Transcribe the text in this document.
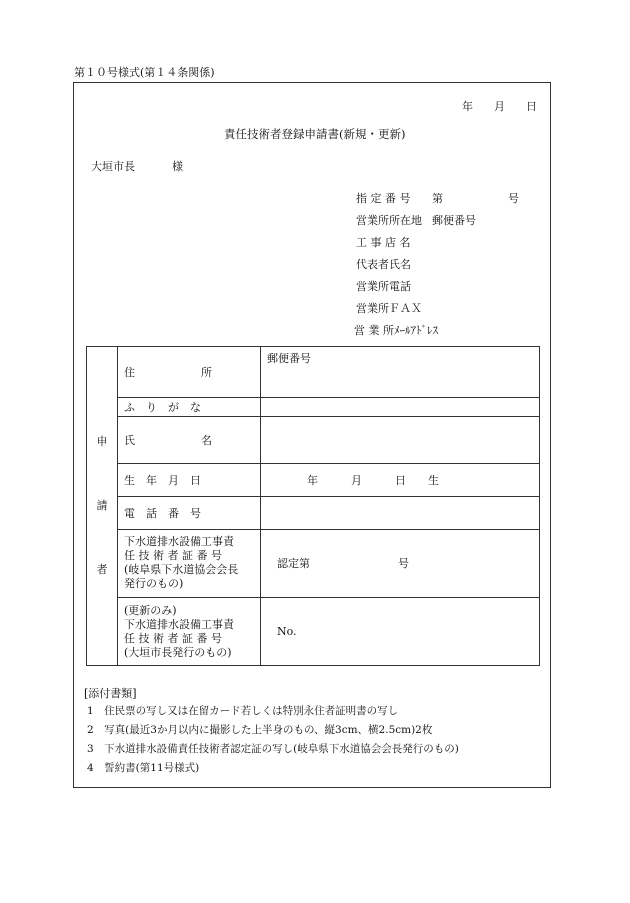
第１０号様式(第１４条関係)
年 月 日
責任技術者登録申請書(新規・更新)
大垣市長	様
指 定 番 号 第	号
営業所所在地 郵便番号
工 事 店 名
代表者氏名
営業所電話
営業所ＦＡＸ
営 業 所ﾒｰﾙｱﾄﾞﾚｽ
申
請
者	住　　　　　　所	郵便番号
	ふ　り　が　な	
	氏　　　　　　名	
	生　年　月　日	年　　　月　　　日　　生
	電　話　番　号	

	下水道排水設備工事責
任 技 術 者 証 番 号
(岐阜県下水道協会会長
発行のもの)	認定第　　　　　　　　号

	(更新のみ)
下水道排水設備工事責
任 技 術 者 証 番 号
(大垣市長発行のもの)	No.
[添付書類]
1　住民票の写し又は在留カード若しくは特別永住者証明書の写し
2　写真(最近3か月以内に撮影した上半身のもの、縦3cm、横2.5cm)2枚
3　下水道排水設備責任技術者認定証の写し(岐阜県下水道協会会長発行のもの)
4　誓約書(第11号様式)
